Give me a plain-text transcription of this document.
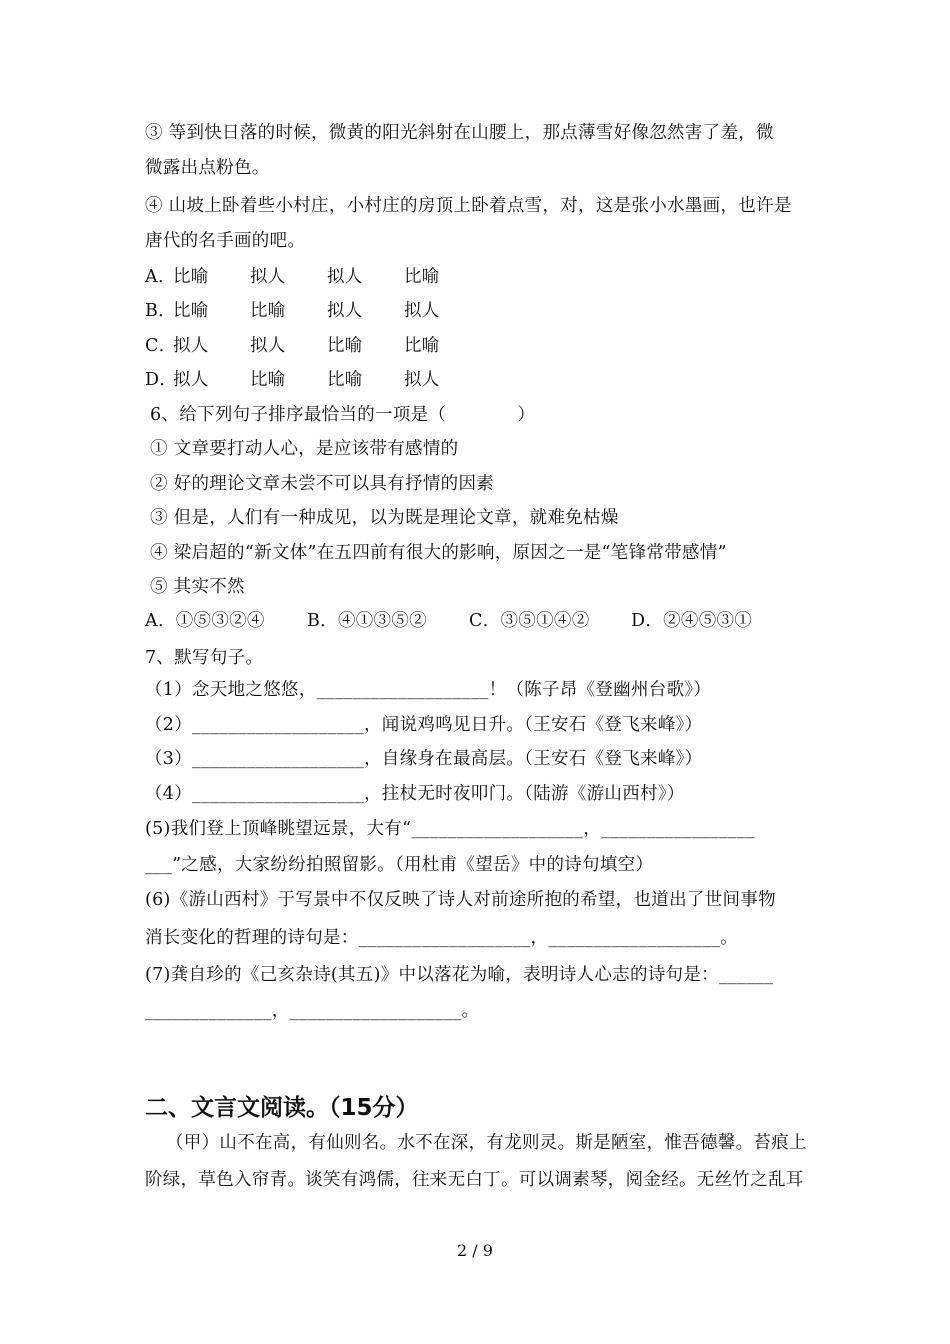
③ 等到快日落的时候，微黄的阳光斜射在山腰上，那点薄雪好像忽然害了羞，微
微露出点粉色。
④ 山坡上卧着些小村庄，小村庄的房顶上卧着点雪，对，这是张小水墨画，也许是
唐代的名手画的吧。
A．比喻 拟人 拟人 比喻
B．比喻 比喻 拟人 拟人
C．拟人 拟人 比喻 比喻
D．拟人 比喻 比喻 拟人
6、给下列句子排序最恰当的一项是（　　　　）
① 文章要打动人心，是应该带有感情的
② 好的理论文章未尝不可以具有抒情的因素
③ 但是，人们有一种成见，以为既是理论文章，就难免枯燥
④ 梁启超的“新文体”在五四前有很大的影响，原因之一是“笔锋常带感情”
⑤ 其实不然
A．①⑤③②④ B．④①③⑤② C．③⑤①④② D．②④⑤③①
7、默写句子。
（1）念天地之悠悠，___________________！（陈子昂《登幽州台歌》）
（2）___________________，闻说鸡鸣见日升。（王安石《登飞来峰》）
（3）___________________，自缘身在最高层。（王安石《登飞来峰》）
（4）___________________，拄杖无时夜叩门。（陆游《游山西村》）
(5)我们登上顶峰眺望远景，大有“___________________，_________________
___”之感，大家纷纷拍照留影。（用杜甫《望岳》中的诗句填空）
(6)《游山西村》于写景中不仅反映了诗人对前途所抱的希望，也道出了世间事物
消长变化的哲理的诗句是：___________________，___________________。
(7)龚自珍的《己亥杂诗(其五)》中以落花为喻，表明诗人心志的诗句是：______
______________，___________________。
二、文言文阅读。（15分）
（甲）山不在高，有仙则名。水不在深，有龙则灵。斯是陋室，惟吾德馨。苔痕上
阶绿，草色入帘青。谈笑有鸿儒，往来无白丁。可以调素琴，阅金经。无丝竹之乱耳
2 / 9
